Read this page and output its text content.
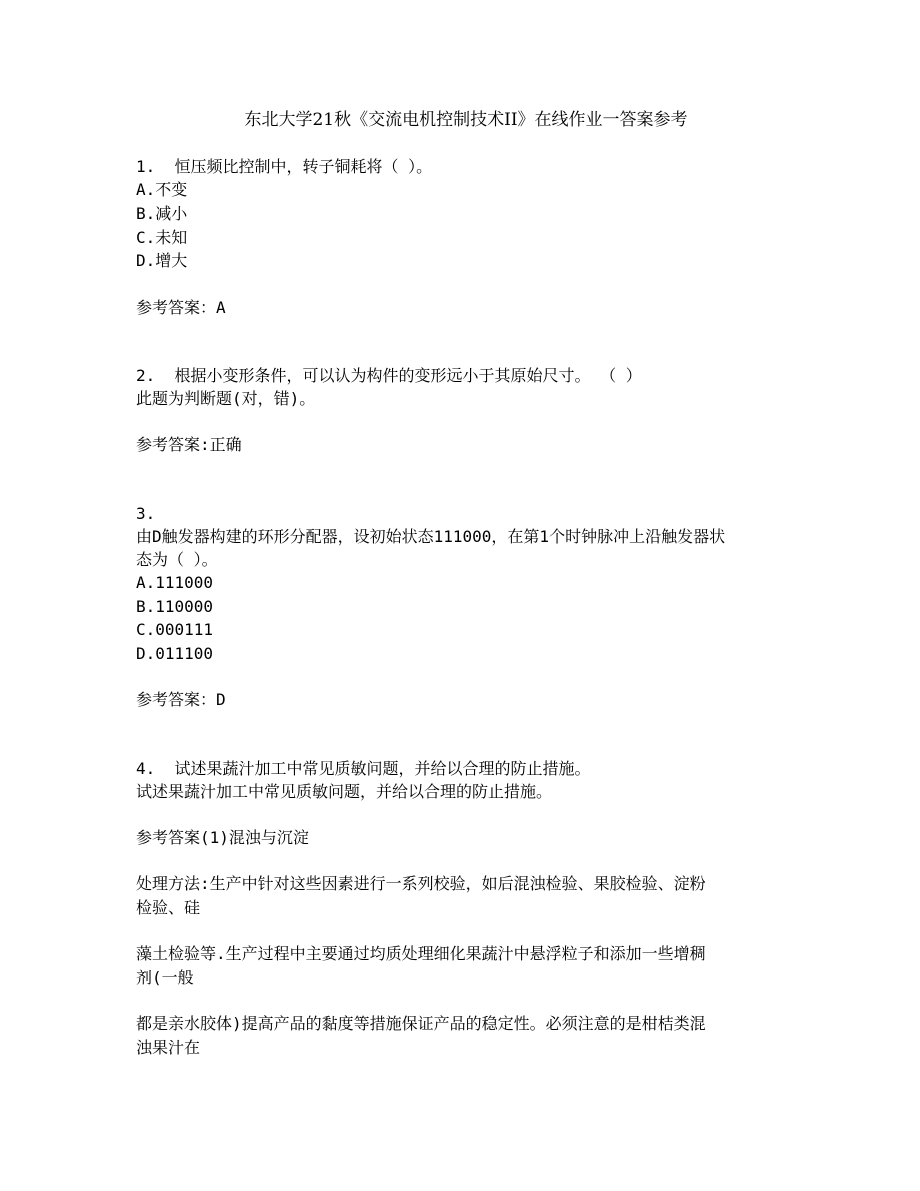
东北大学21秋《交流电机控制技术II》在线作业一答案参考
1. 恒压频比控制中，转子铜耗将（ ）。
A.不变
B.减小
C.未知
D.增大
参考答案：A
2. 根据小变形条件，可以认为构件的变形远小于其原始尺寸。 （ ）
此题为判断题(对，错)。
参考答案:正确
3.
由D触发器构建的环形分配器，设初始状态111000，在第1个时钟脉冲上沿触发器状
态为（ ）。
A.111000
B.110000
C.000111
D.011100
参考答案：D
4. 试述果蔬汁加工中常见质敏问题，并给以合理的防止措施。
试述果蔬汁加工中常见质敏问题，并给以合理的防止措施。
参考答案(1)混浊与沉淀
处理方法:生产中针对这些因素进行一系列校验，如后混浊检验、果胶检验、淀粉
检验、硅
藻土检验等.生产过程中主要通过均质处理细化果蔬汁中悬浮粒子和添加一些增稠
剂(一般
都是亲水胶体)提高产品的黏度等措施保证产品的稳定性。必须注意的是柑桔类混
浊果汁在
